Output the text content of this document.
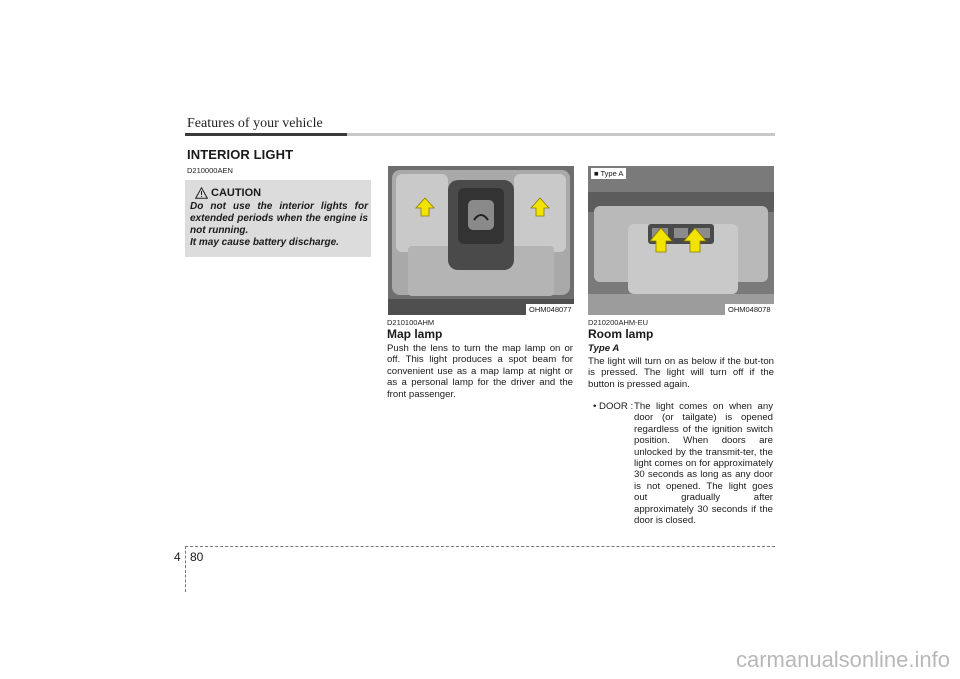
Features of your vehicle
INTERIOR LIGHT
D210000AEN
CAUTION
Do not use the interior lights for extended periods when the engine is not running.
It may cause battery discharge.
OHM048077
D210100AHM
Map lamp
Push the lens to turn the map lamp on or off. This light produces a spot beam for convenient use as a map lamp at night or as a personal lamp for the driver and the front passenger.
■ Type A
OHM048078
D210200AHM-EU
Room lamp
Type A
The light will turn on as below if the but-ton is pressed. The light will turn off if the button is pressed again.
• DOOR : The light comes on when any door (or tailgate) is opened regardless of the ignition switch position. When doors are unlocked by the transmit-ter, the light comes on for approximately 30 seconds as long as any door is not opened. The light goes out gradually after approximately 30 seconds if the door is closed.
4 80
carmanualsonline.info
